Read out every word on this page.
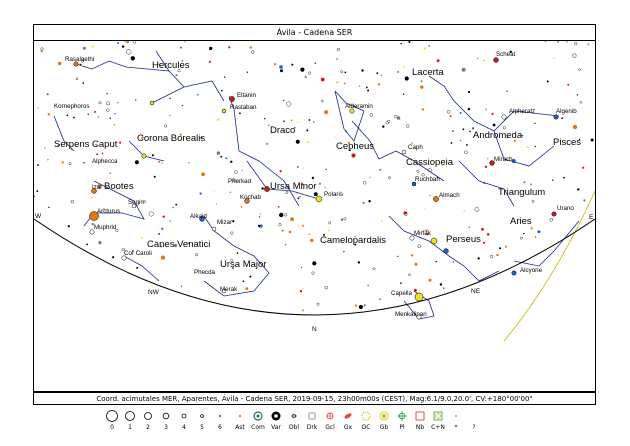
Ávila - Cadena SER
Hercules
Lacerta
Serpens Caput
Corona Borealis
Draco
Cepheus
Andromeda
Pisces
Cassiopeia
Ursa Minor
Bootes
Triangulum
Aries
Camelopardalis	Perseus
Canes Venatici
Ursa Major
Rasalgethi
Scheat
Eltanin
Rastaban
Kornephoros	Alderamin
Alpheratz	Algenib
Alphecca
Caph
Mirach
Ruchbah
Pherkad
Polaris	Almach
Izar
Kochab
Segin
Alkaid
Mizar
Arcturus
Muphrid
Mirfak
Urano
Cor Caroli
Phecda
Merak
Capella
Menkalinan
Alcyone
NW
N
NE
W	E
Coord. acimutales MER, Aparentes, Ávila - Cadena SER, 2019-09-15, 23h00m00s (CEST), Mag:6.1/9.0,20.0', CV:+180°00'00"
0	1	2	3	4	5	6	Ast	Com	Var	Dbl	Drk	Gcl	Gx	OC	Gb	Pl	Nb	C+N	*	?
